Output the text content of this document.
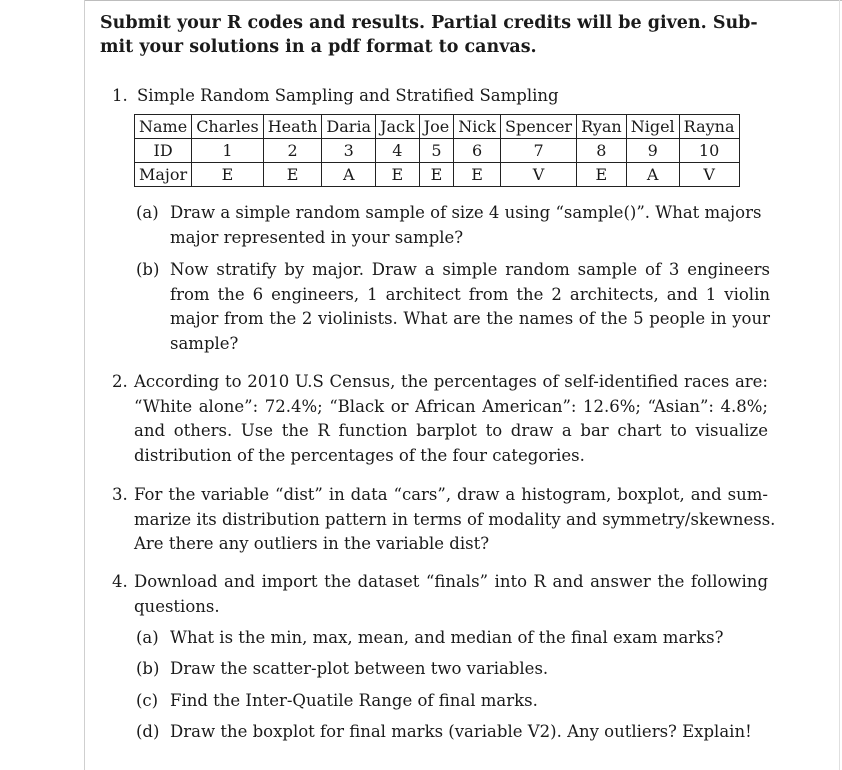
Submit your R codes and results. Partial credits will be given. Sub-
mit your solutions in a pdf format to canvas.
1. Simple Random Sampling and Stratified Sampling
Name	Charles	Heath	Daria	Jack	Joe	Nick	Spencer	Ryan	Nigel	Rayna
ID	1	2	3	4	5	6	7	8	9	10
Major	E	E	A	E	E	E	V	E	A	V
(a) Draw a simple random sample of size 4 using “sample()”. What majors
major represented in your sample?
(b) Now stratify by major. Draw a simple random sample of 3 engineers
from the 6 engineers, 1 architect from the 2 architects, and 1 violin
major from the 2 violinists. What are the names of the 5 people in your
sample?
2. According to 2010 U.S Census, the percentages of self-identified races are:
“White alone”: 72.4%; “Black or African American”: 12.6%; “Asian”: 4.8%;
and others. Use the R function barplot to draw a bar chart to visualize
distribution of the percentages of the four categories.
3. For the variable “dist” in data “cars”, draw a histogram, boxplot, and sum-
marize its distribution pattern in terms of modality and symmetry/skewness.
Are there any outliers in the variable dist?
4. Download and import the dataset “finals” into R and answer the following
questions.
(a) What is the min, max, mean, and median of the final exam marks?
(b) Draw the scatter-plot between two variables.
(c) Find the Inter-Quatile Range of final marks.
(d) Draw the boxplot for final marks (variable V2). Any outliers? Explain!
